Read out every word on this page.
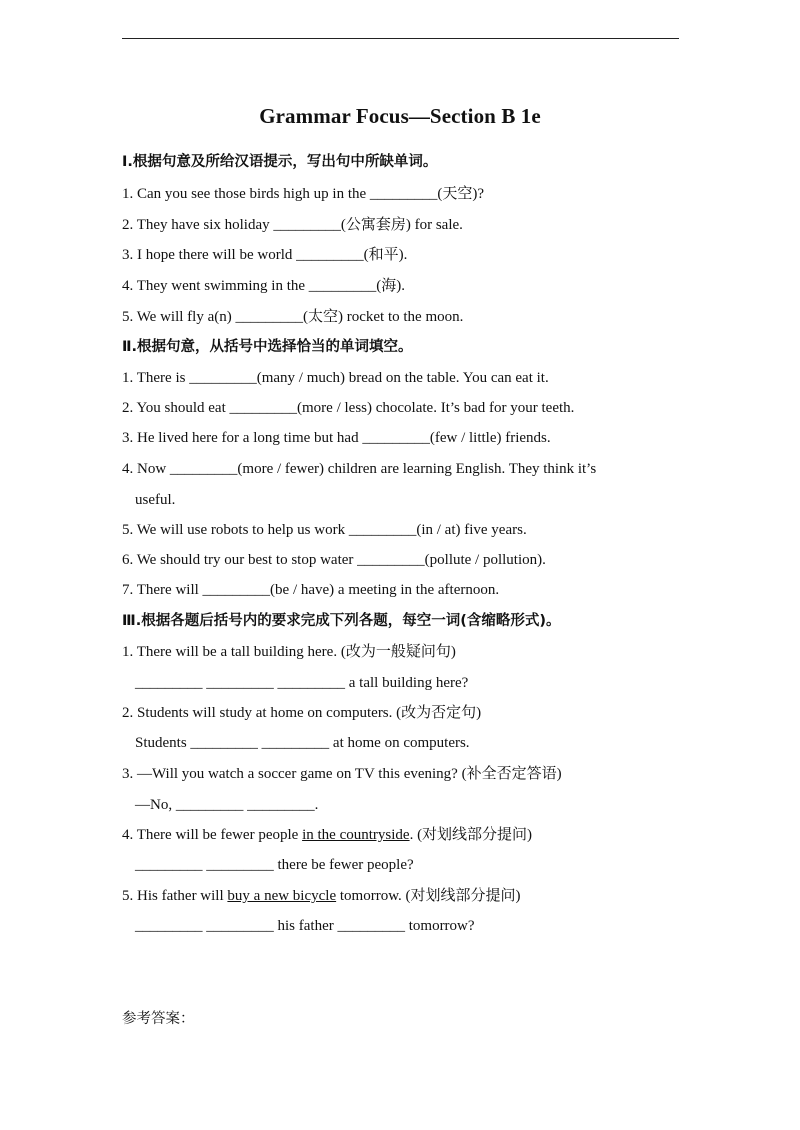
Grammar Focus—Section B 1e
Ⅰ.根据句意及所给汉语提示，写出句中所缺单词。
1. Can you see those birds high up in the _________(天空)?
2. They have six holiday _________(公寓套房) for sale.
3. I hope there will be world _________(和平).
4. They went swimming in the _________(海).
5. We will fly a(n) _________(太空) rocket to the moon.
Ⅱ.根据句意，从括号中选择恰当的单词填空。
1. There is _________(many / much) bread on the table. You can eat it.
2. You should eat _________(more / less) chocolate. It’s bad for your teeth.
3. He lived here for a long time but had _________(few / little) friends.
4. Now _________(more / fewer) children are learning English. They think it’s
useful.
5. We will use robots to help us work _________(in / at) five years.
6. We should try our best to stop water _________(pollute / pollution).
7. There will _________(be / have) a meeting in the afternoon.
Ⅲ.根据各题后括号内的要求完成下列各题，每空一词(含缩略形式)。
1. There will be a tall building here. (改为一般疑问句)
_________ _________ _________ a tall building here?
2. Students will study at home on computers. (改为否定句)
Students _________ _________ at home on computers.
3. —Will you watch a soccer game on TV this evening? (补全否定答语)
—No, _________ _________.
4. There will be fewer people in the countryside. (对划线部分提问)
_________ _________ there be fewer people?
5. His father will buy a new bicycle tomorrow. (对划线部分提问)
_________ _________ his father _________ tomorrow?
参考答案：
